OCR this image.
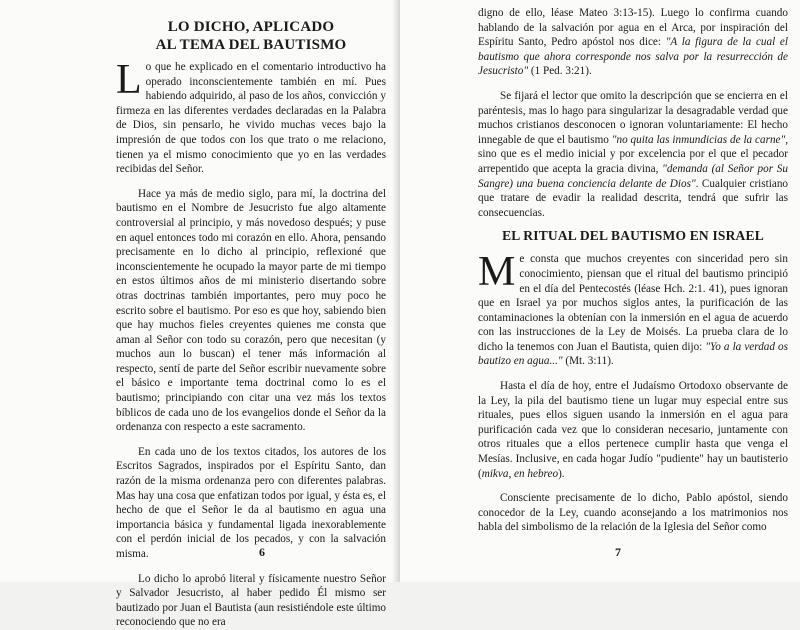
LO DICHO, APLICADO
AL TEMA DEL BAUTISMO

Lo que he explicado en el comentario introductivo ha operado inconscientemente también en mí. Pues habiendo adquirido, al paso de los años, convicción y firmeza en las diferentes verdades declaradas en la Palabra de Dios, sin pensarlo, he vivido muchas veces bajo la impresión de que todos con los que trato o me relaciono, tienen ya el mismo conocimiento que yo en las verdades recibidas del Señor.

Hace ya más de medio siglo, para mí, la doctrina del bautismo en el Nombre de Jesucristo fue algo altamente controversial al principio, y más novedoso después; y puse en aquel entonces todo mi corazón en ello. Ahora, pensando precisamente en lo dicho al principio, reflexioné que inconscientemente he ocupado la mayor parte de mi tiempo en estos últimos años de mi ministerio disertando sobre otras doctrinas también importantes, pero muy poco he escrito sobre el bautismo. Por eso es que hoy, sabiendo bien que hay muchos fieles creyentes quienes me consta que aman al Señor con todo su corazón, pero que necesitan (y muchos aun lo buscan) el tener más información al respecto, sentí de parte del Señor escribir nuevamente sobre el básico e importante tema doctrinal como lo es el bautismo; principiando con citar una vez más los textos bíblicos de cada uno de los evangelios donde el Señor da la ordenanza con respecto a este sacramento.

En cada uno de los textos citados, los autores de los Escritos Sagrados, inspirados por el Espíritu Santo, dan razón de la misma ordenanza pero con diferentes palabras. Mas hay una cosa que enfatizan todos por igual, y ésta es, el hecho de que el Señor le da al bautismo en agua una importancia básica y fundamental ligada inexorablemente con el perdón inicial de los pecados, y con la salvación misma.

Lo dicho lo aprobó literal y físicamente nuestro Señor y Salvador Jesucristo, al haber pedido Él mismo ser bautizado por Juan el Bautista (aun resistiéndole este último reconociendo que no era

6

digno de ello, léase Mateo 3:13-15). Luego lo confirma cuando hablando de la salvación por agua en el Arca, por inspiración del Espíritu Santo, Pedro apóstol nos dice: "A la figura de la cual el bautismo que ahora corresponde nos salva por la resurrección de Jesucristo" (1 Ped. 3:21).

Se fijará el lector que omito la descripción que se encierra en el paréntesis, mas lo hago para singularizar la desagradable verdad que muchos cristianos desconocen o ignoran voluntariamente: El hecho innegable de que el bautismo "no quita las inmundicias de la carne", sino que es el medio inicial y por excelencia por el que el pecador arrepentido que acepta la gracia divina, "demanda (al Señor por Su Sangre) una buena conciencia delante de Dios". Cualquier cristiano que tratare de evadir la realidad descrita, tendrá que sufrir las consecuencias.

EL RITUAL DEL BAUTISMO EN ISRAEL

Me consta que muchos creyentes con sinceridad pero sin conocimiento, piensan que el ritual del bautismo principió en el día del Pentecostés (léase Hch. 2:1. 41), pues ignoran que en Israel ya por muchos siglos antes, la purificación de las contaminaciones la obtenían con la inmersión en el agua de acuerdo con las instrucciones de la Ley de Moisés. La prueba clara de lo dicho la tenemos con Juan el Bautista, quien dijo: "Yo a la verdad os bautizo en agua..." (Mt. 3:11).

Hasta el día de hoy, entre el Judaísmo Ortodoxo observante de la Ley, la pila del bautismo tiene un lugar muy especial entre sus rituales, pues ellos siguen usando la inmersión en el agua para purificación cada vez que lo consideran necesario, juntamente con otros rituales que a ellos pertenece cumplir hasta que venga el Mesías. Inclusive, en cada hogar Judío "pudiente" hay un bautisterio (mikva, en hebreo).

Consciente precisamente de lo dicho, Pablo apóstol, siendo conocedor de la Ley, cuando aconsejando a los matrimonios nos habla del simbolismo de la relación de la Iglesia del Señor como

7
